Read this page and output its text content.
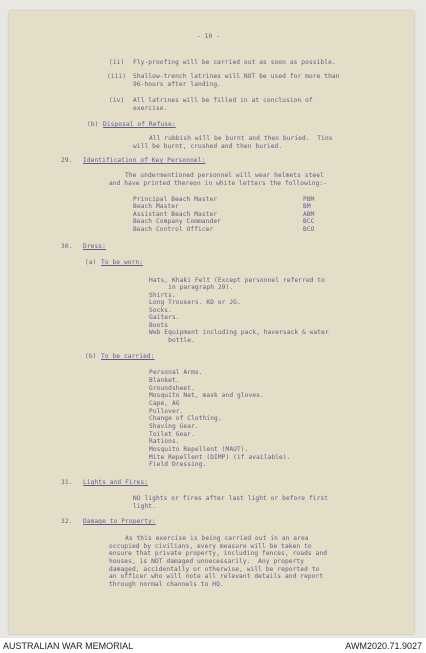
- 10 -
(ii) Fly-proofing will be carried out as soon as possible.
(iii) Shallow-trench latrines will NOT be used for more than
96-hours after landing.
(iv) All latrines will be filled in at conclusion of
exercise.
(b) Disposal of Refuse:
All rubbish will be burnt and then buried.  Tins
will be burnt, crushed and then buried.
29. Identification of Key Personnel:
The undermentioned personnel will wear helmets steel
and have printed thereon in white letters the following:-
Principal Beach Master	PBM
Beach Master	BM
Assistant Beach Master	ABM
Beach Company Commander	BCC
Beach Control Officer	BCO
30. Dress:
(a) To be worn:
Hats, Khaki Felt (Except personnel referred to
in paragraph 29).
Shirts.
Long Trousers. KD or JG.
Socks.
Gaiters.
Boots
Web Equipment including pack, haversack & water
bottle.
(b) To be carried:
Personal Arms.
Blanket.
Groundsheet.
Mosquito Net, mask and gloves.
Cape, AG
Pullover.
Change of Clothing.
Shaving Gear.
Toilet Gear.
Rations.
Mosquito Repellent (MAUT).
Mite Repellent (DIMP) (if available).
Field Dressing.
31. Lights and Fires:
NO lights or fires after last light or before first
light.
32. Damage to Property:
As this exercise is being carried out in an area
occupied by civilians, every measure will be taken to
ensure that private property, including fences, roads and
houses, is NOT damaged unnecessarily.  Any property
damaged, accidentally or otherwise, will be reported to
an officer who will note all relevant details and report
through normal channels to HQ.
AUSTRALIAN WAR MEMORIAL	AWM2020.71.9027
